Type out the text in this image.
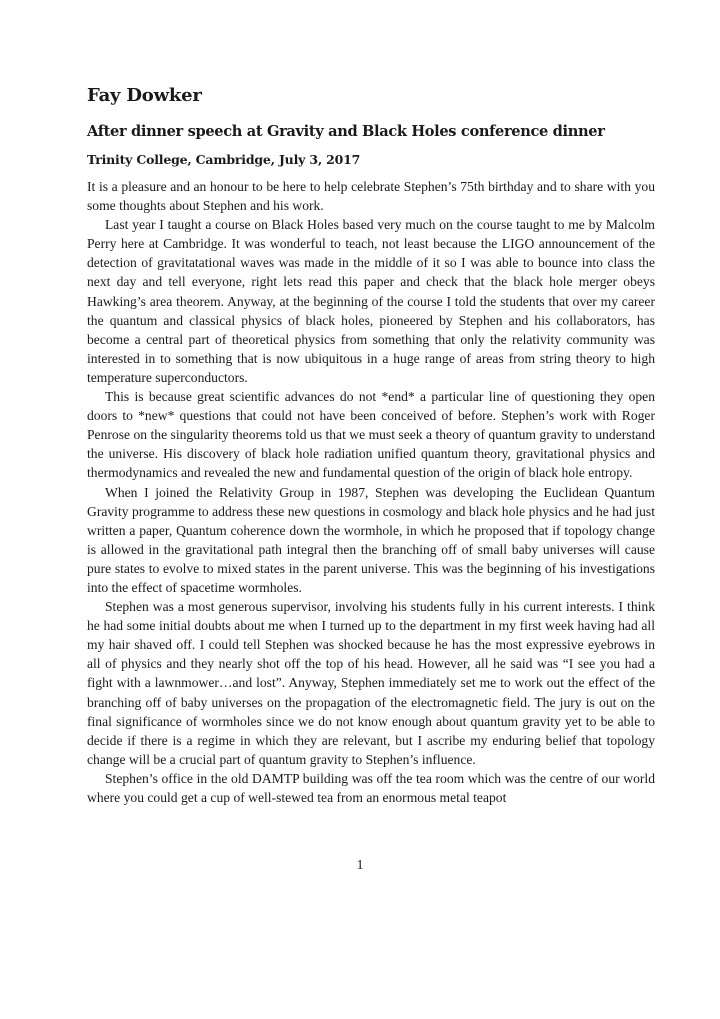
Fay Dowker
After dinner speech at Gravity and Black Holes conference dinner
Trinity College, Cambridge, July 3, 2017

It is a pleasure and an honour to be here to help celebrate Stephen’s 75th birthday and to share with you some thoughts about Stephen and his work.

Last year I taught a course on Black Holes based very much on the course taught to me by Malcolm Perry here at Cambridge. It was wonderful to teach, not least because the LIGO announcement of the detection of gravitatational waves was made in the middle of it so I was able to bounce into class the next day and tell everyone, right lets read this paper and check that the black hole merger obeys Hawking’s area theorem. Anyway, at the beginning of the course I told the students that over my career the quantum and classical physics of black holes, pioneered by Stephen and his collaborators, has become a central part of theoretical physics from something that only the relativity community was interested in to something that is now ubiquitous in a huge range of areas from string theory to high temperature superconductors.

This is because great scientific advances do not *end* a particular line of questioning they open doors to *new* questions that could not have been conceived of before. Stephen’s work with Roger Penrose on the singularity theorems told us that we must seek a theory of quantum gravity to understand the universe. His discovery of black hole radiation unified quantum theory, gravitational physics and thermodynamics and revealed the new and fundamental question of the origin of black hole entropy.

When I joined the Relativity Group in 1987, Stephen was developing the Euclidean Quantum Gravity programme to address these new questions in cosmology and black hole physics and he had just written a paper, Quantum coherence down the wormhole, in which he proposed that if topology change is allowed in the gravitational path integral then the branching off of small baby universes will cause pure states to evolve to mixed states in the parent universe. This was the beginning of his investigations into the effect of spacetime wormholes.

Stephen was a most generous supervisor, involving his students fully in his current interests. I think he had some initial doubts about me when I turned up to the department in my first week having had all my hair shaved off. I could tell Stephen was shocked because he has the most expressive eyebrows in all of physics and they nearly shot off the top of his head. However, all he said was “I see you had a fight with a lawnmower…and lost”. Anyway, Stephen immediately set me to work out the effect of the branching off of baby universes on the propagation of the electromagnetic field. The jury is out on the final significance of wormholes since we do not know enough about quantum gravity yet to be able to decide if there is a regime in which they are relevant, but I ascribe my enduring belief that topology change will be a crucial part of quantum gravity to Stephen’s influence.

Stephen’s office in the old DAMTP building was off the tea room which was the centre of our world where you could get a cup of well-stewed tea from an enormous metal teapot

1
